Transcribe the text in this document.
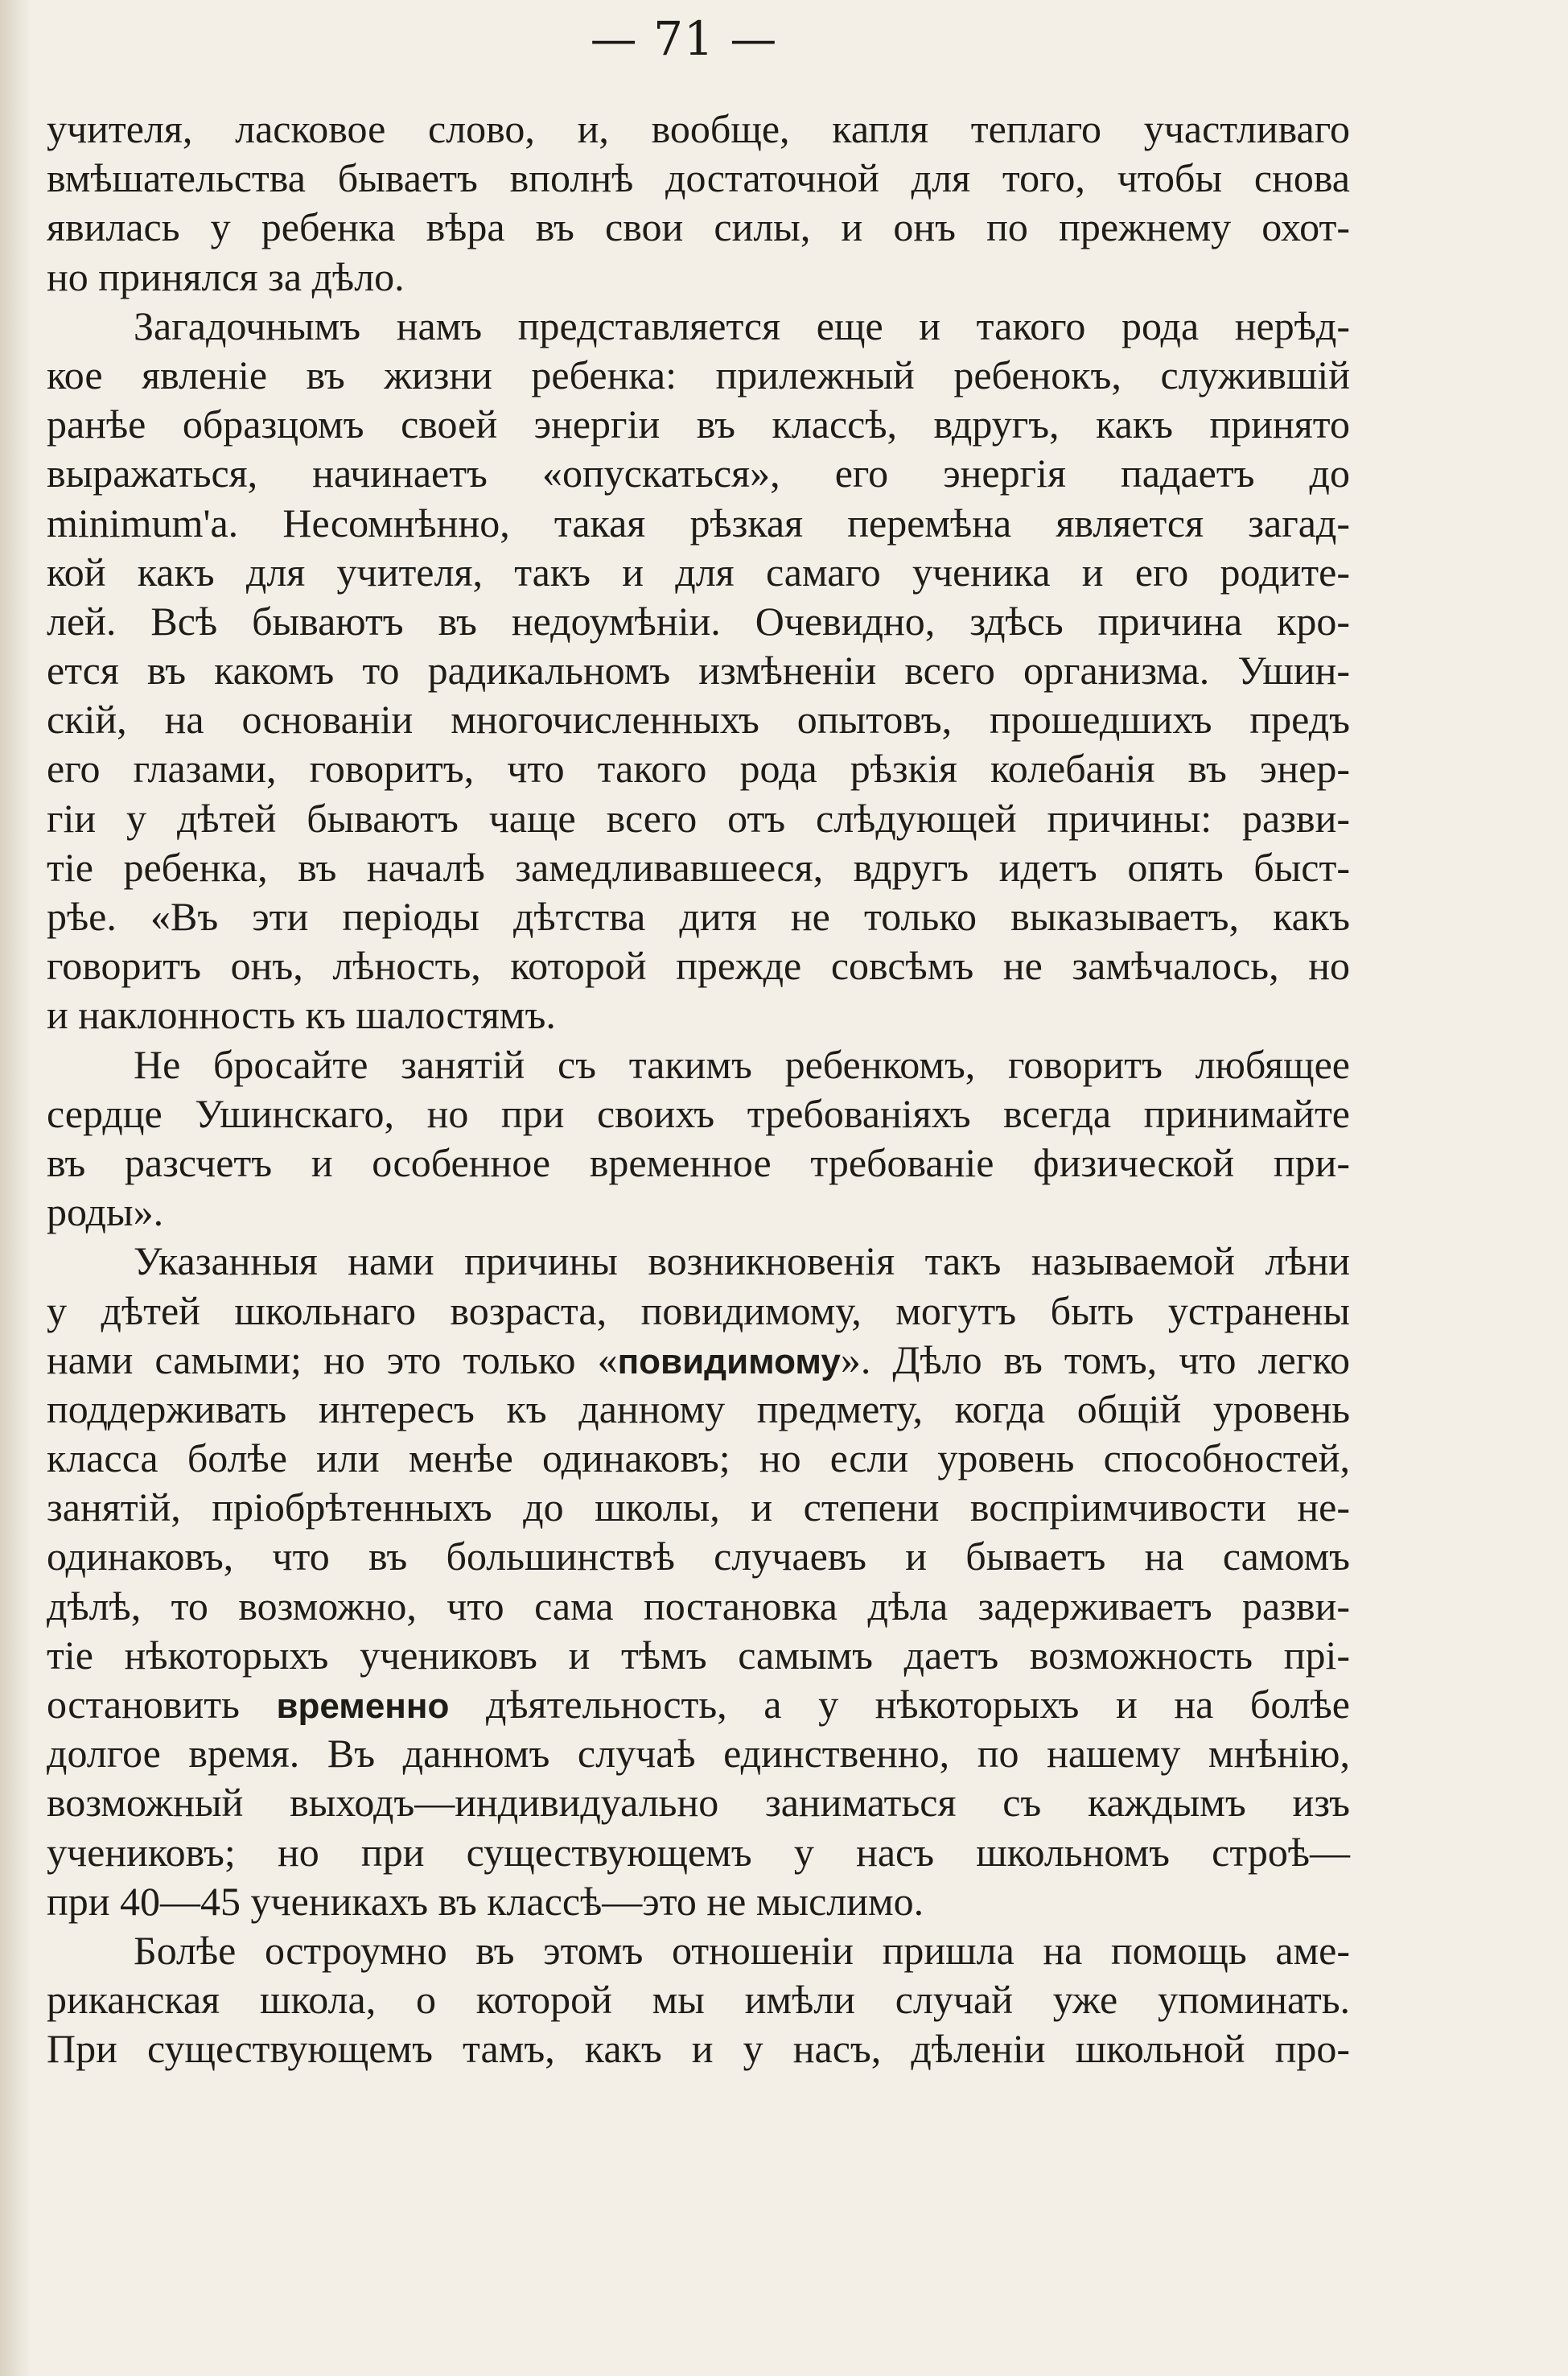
— 71 —
учителя, ласковое слово, и, вообще, капля теплаго участливаго
вмѣшательства бываетъ вполнѣ достаточной для того, чтобы снова
явилась у ребенка вѣра въ свои силы, и онъ по прежнему охот-
но принялся за дѣло.
Загадочнымъ намъ представляется еще и такого рода нерѣд-
кое явленіе въ жизни ребенка: прилежный ребенокъ, служившій
ранѣе образцомъ своей энергіи въ классѣ, вдругъ, какъ принято
выражаться, начинаетъ «опускаться», его энергія падаетъ до
minimum'a. Несомнѣнно, такая рѣзкая перемѣна является загад-
кой какъ для учителя, такъ и для самаго ученика и его родите-
лей. Всѣ бываютъ въ недоумѣніи. Очевидно, здѣсь причина кро-
ется въ какомъ то радикальномъ измѣненіи всего организма. Ушин-
скій, на основаніи многочисленныхъ опытовъ, прошедшихъ предъ
его глазами, говоритъ, что такого рода рѣзкія колебанія въ энер-
гіи у дѣтей бываютъ чаще всего отъ слѣдующей причины: разви-
тіе ребенка, въ началѣ замедливавшееся, вдругъ идетъ опять быст-
рѣе. «Въ эти періоды дѣтства дитя не только выказываетъ, какъ
говоритъ онъ, лѣность, которой прежде совсѣмъ не замѣчалось, но
и наклонность къ шалостямъ.
Не бросайте занятій съ такимъ ребенкомъ, говоритъ любящее
сердце Ушинскаго, но при своихъ требованіяхъ всегда принимайте
въ разсчетъ и особенное временное требованіе физической при-
роды».
Указанныя нами причины возникновенія такъ называемой лѣни
у дѣтей школьнаго возраста, повидимому, могутъ быть устранены
нами самыми; но это только «повидимому». Дѣло въ томъ, что легко
поддерживать интересъ къ данному предмету, когда общій уровень
класса болѣе или менѣе одинаковъ; но если уровень способностей,
занятій, пріобрѣтенныхъ до школы, и степени воспріимчивости не-
одинаковъ, что въ большинствѣ случаевъ и бываетъ на самомъ
дѣлѣ, то возможно, что сама постановка дѣла задерживаетъ разви-
тіе нѣкоторыхъ учениковъ и тѣмъ самымъ даетъ возможность прі-
остановить временно дѣятельность, а у нѣкоторыхъ и на болѣе
долгое время. Въ данномъ случаѣ единственно, по нашему мнѣнію,
возможный выходъ—индивидуально заниматься съ каждымъ изъ
учениковъ; но при существующемъ у насъ школьномъ строѣ—
при 40—45 ученикахъ въ классѣ—это не мыслимо.
Болѣе остроумно въ этомъ отношеніи пришла на помощь аме-
риканская школа, о которой мы имѣли случай уже упоминать.
При существующемъ тамъ, какъ и у насъ, дѣленіи школьной про-
